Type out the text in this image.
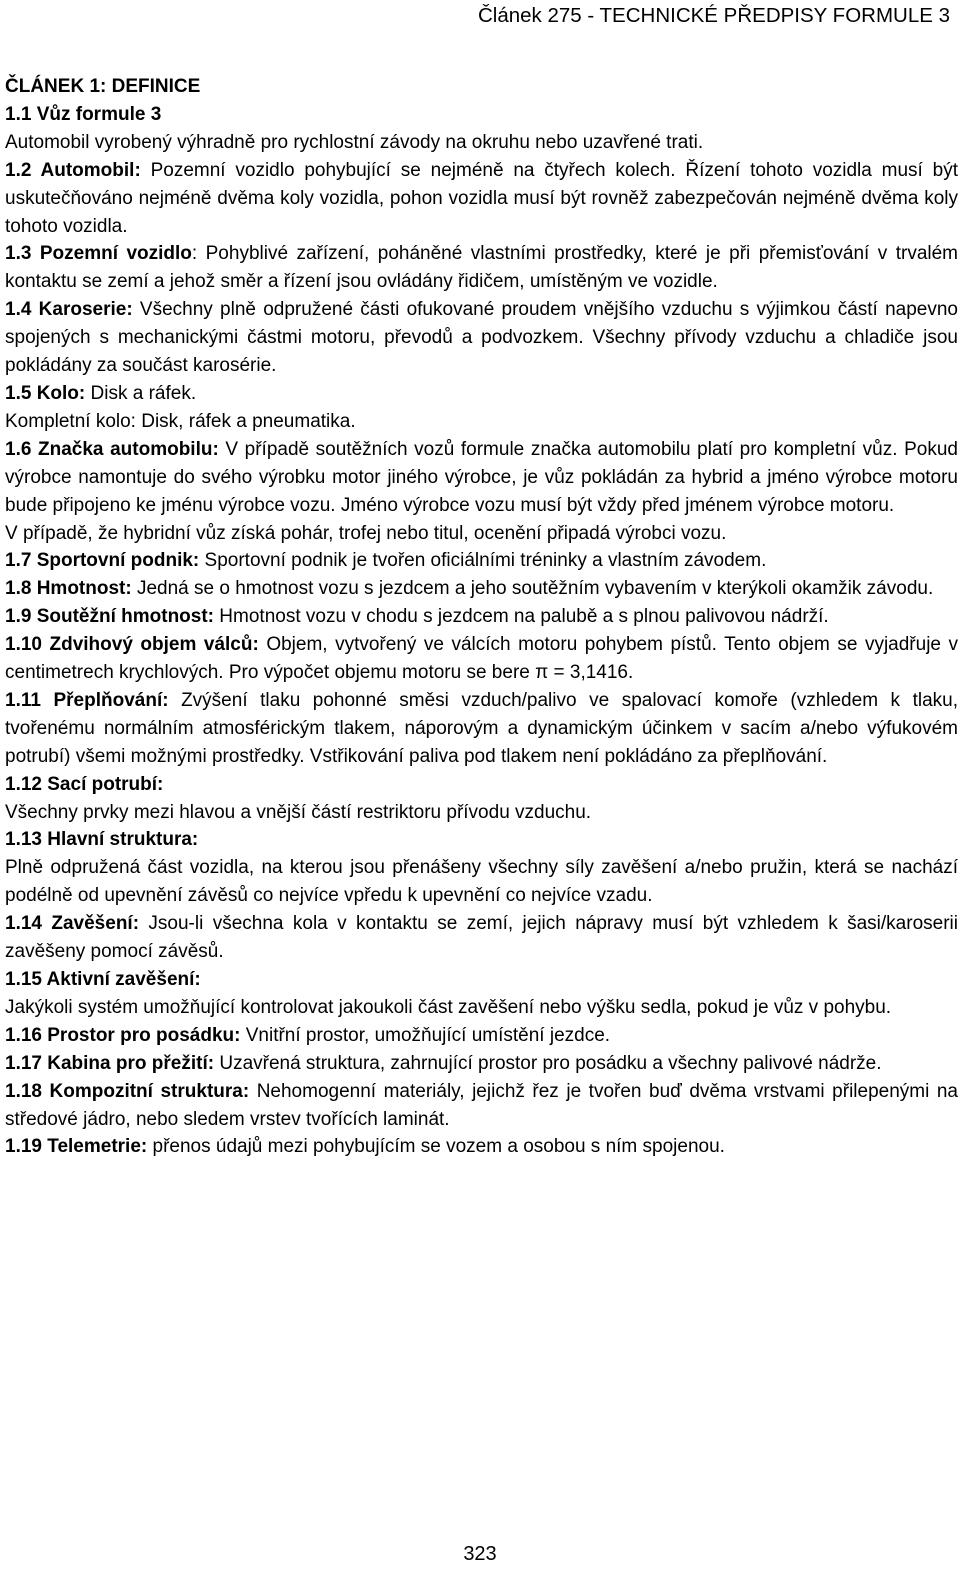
Článek 275 - TECHNICKÉ PŘEDPISY FORMULE 3

ČLÁNEK 1: DEFINICE

1.1 Vůz formule 3

Automobil vyrobený výhradně pro rychlostní závody na okruhu nebo uzavřené trati.

1.2 Automobil: Pozemní vozidlo pohybující se nejméně na čtyřech kolech. Řízení tohoto vozidla musí být uskutečňováno nejméně dvěma koly vozidla, pohon vozidla musí být rovněž zabezpečován nejméně dvěma koly tohoto vozidla.

1.3 Pozemní vozidlo: Pohyblivé zařízení, poháněné vlastními prostředky, které je při přemisťování v trvalém kontaktu se zemí a jehož směr a řízení jsou ovládány řidičem, umístěným ve vozidle.

1.4 Karoserie: Všechny plně odpružené části ofukované proudem vnějšího vzduchu s výjimkou částí napevno spojených s mechanickými částmi motoru, převodů a podvozkem. Všechny přívody vzduchu a chladiče jsou pokládány za součást karosérie.

1.5 Kolo: Disk a ráfek.

Kompletní kolo: Disk, ráfek a pneumatika.

1.6 Značka automobilu: V případě soutěžních vozů formule značka automobilu platí pro kompletní vůz. Pokud výrobce namontuje do svého výrobku motor jiného výrobce, je vůz pokládán za hybrid a jméno výrobce motoru bude připojeno ke jménu výrobce vozu. Jméno výrobce vozu musí být vždy před jménem výrobce motoru.

V případě, že hybridní vůz získá pohár, trofej nebo titul, ocenění připadá výrobci vozu.

1.7 Sportovní podnik: Sportovní podnik je tvořen oficiálními tréninky a vlastním závodem.

1.8 Hmotnost: Jedná se o hmotnost vozu s jezdcem a jeho soutěžním vybavením v kterýkoli okamžik závodu.

1.9 Soutěžní hmotnost: Hmotnost vozu v chodu s jezdcem na palubě a s plnou palivovou nádrží.

1.10 Zdvihový objem válců: Objem, vytvořený ve válcích motoru pohybem pístů. Tento objem se vyjadřuje v centimetrech krychlových. Pro výpočet objemu motoru se bere π = 3,1416.

1.11 Přeplňování: Zvýšení tlaku pohonné směsi vzduch/palivo ve spalovací komoře (vzhledem k tlaku, tvořenému normálním atmosférickým tlakem, náporovým a dynamickým účinkem v sacím a/nebo výfukovém potrubí) všemi možnými prostředky. Vstřikování paliva pod tlakem není pokládáno za přeplňování.

1.12 Sací potrubí:

Všechny prvky mezi hlavou a vnější částí restriktoru přívodu vzduchu.

1.13 Hlavní struktura:

Plně odpružená část vozidla, na kterou jsou přenášeny všechny síly zavěšení a/nebo pružin, která se nachází podélně od upevnění závěsů co nejvíce vpředu k upevnění co nejvíce vzadu.

1.14 Zavěšení: Jsou-li všechna kola v kontaktu se zemí, jejich nápravy musí být vzhledem k šasi/karoserii zavěšeny pomocí závěsů.

1.15 Aktivní zavěšení:

Jakýkoli systém umožňující kontrolovat jakoukoli část zavěšení nebo výšku sedla, pokud je vůz v pohybu.

1.16 Prostor pro posádku: Vnitřní prostor, umožňující umístění jezdce.

1.17 Kabina pro přežití: Uzavřená struktura, zahrnující prostor pro posádku a všechny palivové nádrže.

1.18 Kompozitní struktura: Nehomogenní materiály, jejichž řez je tvořen buď dvěma vrstvami přilepenými na středové jádro, nebo sledem vrstev tvořících laminát.

1.19 Telemetrie: přenos údajů mezi pohybujícím se vozem a osobou s ním spojenou.

323
